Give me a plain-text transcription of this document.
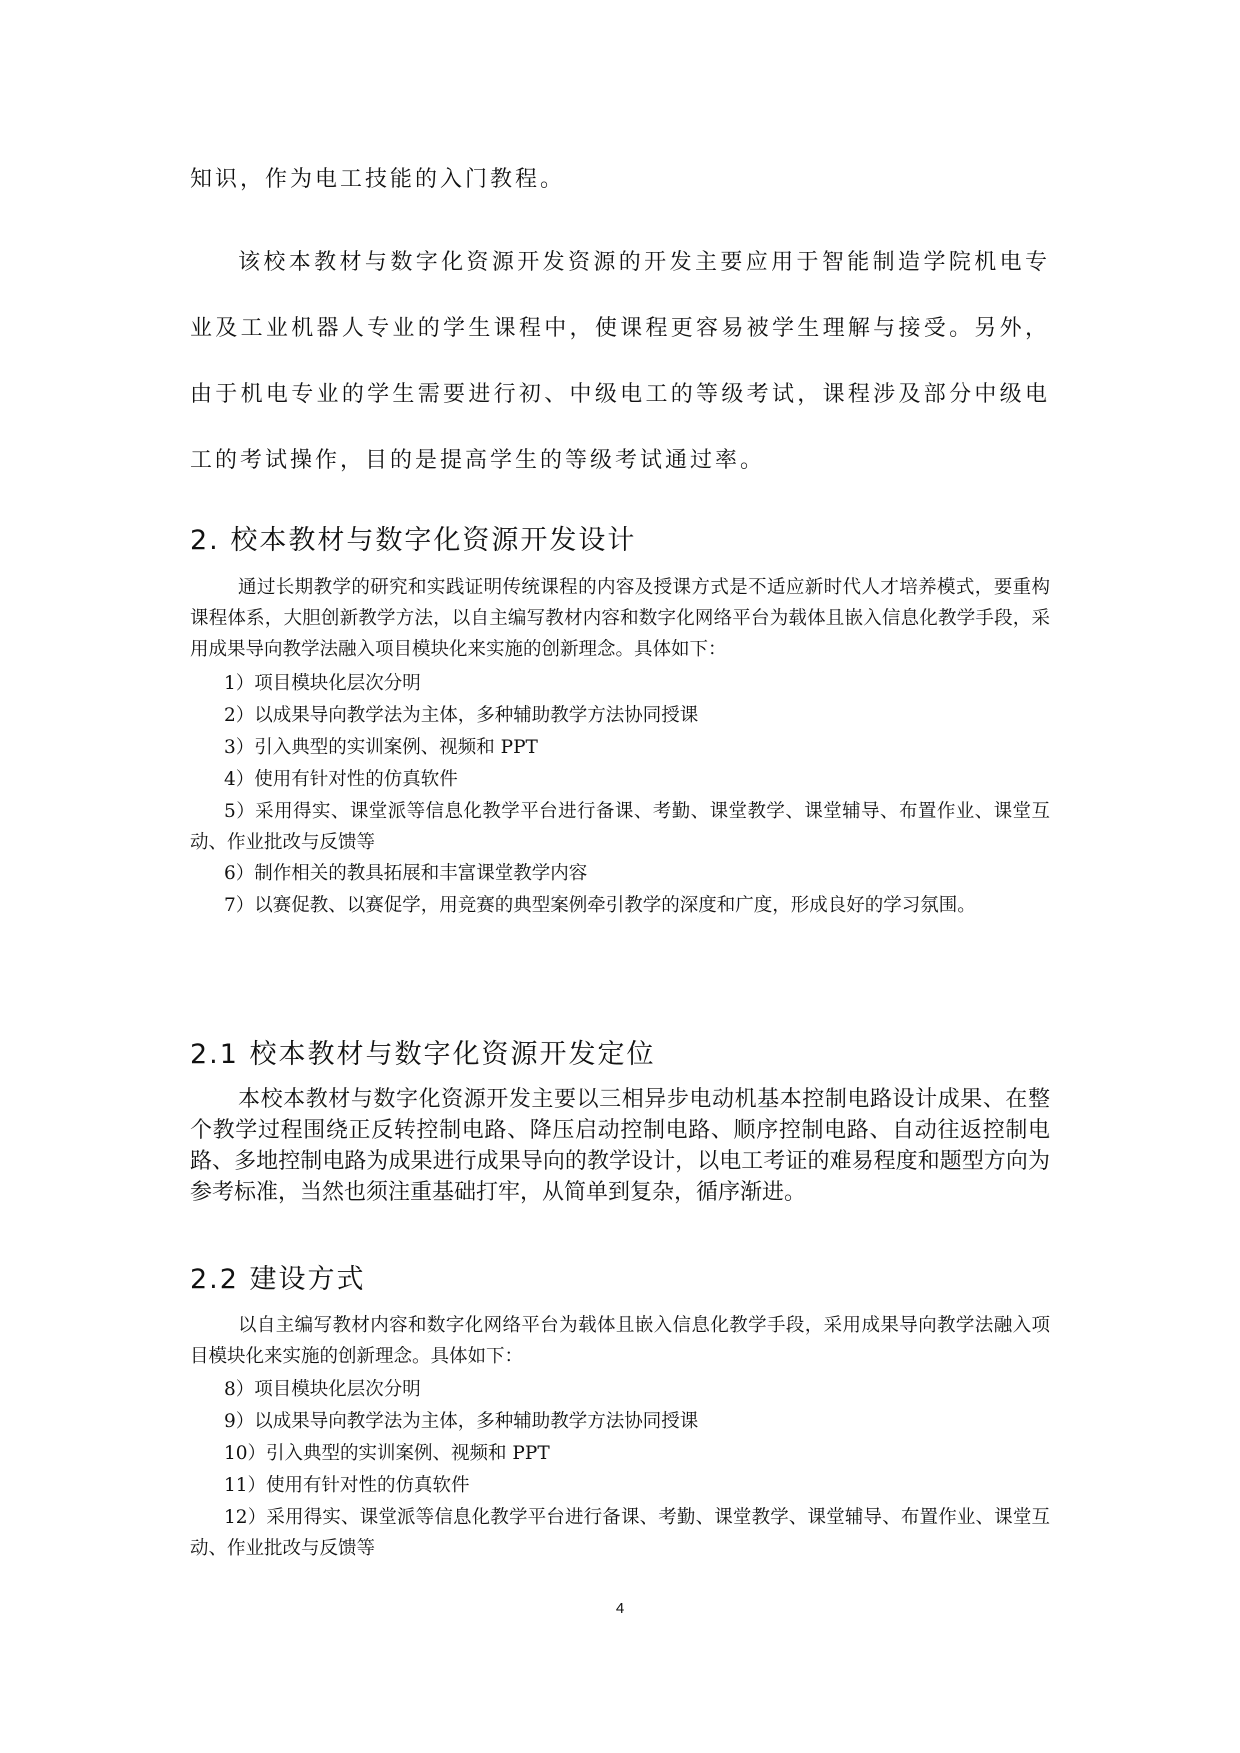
知识，作为电工技能的入门教程。

该校本教材与数字化资源开发资源的开发主要应用于智能制造学院机电专业及工业机器人专业的学生课程中，使课程更容易被学生理解与接受。另外，由于机电专业的学生需要进行初、中级电工的等级考试，课程涉及部分中级电工的考试操作，目的是提高学生的等级考试通过率。

2. 校本教材与数字化资源开发设计

通过长期教学的研究和实践证明传统课程的内容及授课方式是不适应新时代人才培养模式，要重构课程体系，大胆创新教学方法，以自主编写教材内容和数字化网络平台为载体且嵌入信息化教学手段，采用成果导向教学法融入项目模块化来实施的创新理念。具体如下：

1）项目模块化层次分明
2）以成果导向教学法为主体，多种辅助教学方法协同授课
3）引入典型的实训案例、视频和 PPT
4）使用有针对性的仿真软件
5）采用得实、课堂派等信息化教学平台进行备课、考勤、课堂教学、课堂辅导、布置作业、课堂互动、作业批改与反馈等
6）制作相关的教具拓展和丰富课堂教学内容
7）以赛促教、以赛促学，用竞赛的典型案例牵引教学的深度和广度，形成良好的学习氛围。
2.1 校本教材与数字化资源开发定位

本校本教材与数字化资源开发主要以三相异步电动机基本控制电路设计成果、在整个教学过程围绕正反转控制电路、降压启动控制电路、顺序控制电路、自动往返控制电路、多地控制电路为成果进行成果导向的教学设计，以电工考证的难易程度和题型方向为参考标准，当然也须注重基础打牢，从简单到复杂，循序渐进。

2.2 建设方式

以自主编写教材内容和数字化网络平台为载体且嵌入信息化教学手段，采用成果导向教学法融入项目模块化来实施的创新理念。具体如下：

8）项目模块化层次分明
9）以成果导向教学法为主体，多种辅助教学方法协同授课
10）引入典型的实训案例、视频和 PPT
11）使用有针对性的仿真软件
12）采用得实、课堂派等信息化教学平台进行备课、考勤、课堂教学、课堂辅导、布置作业、课堂互动、作业批改与反馈等
4
